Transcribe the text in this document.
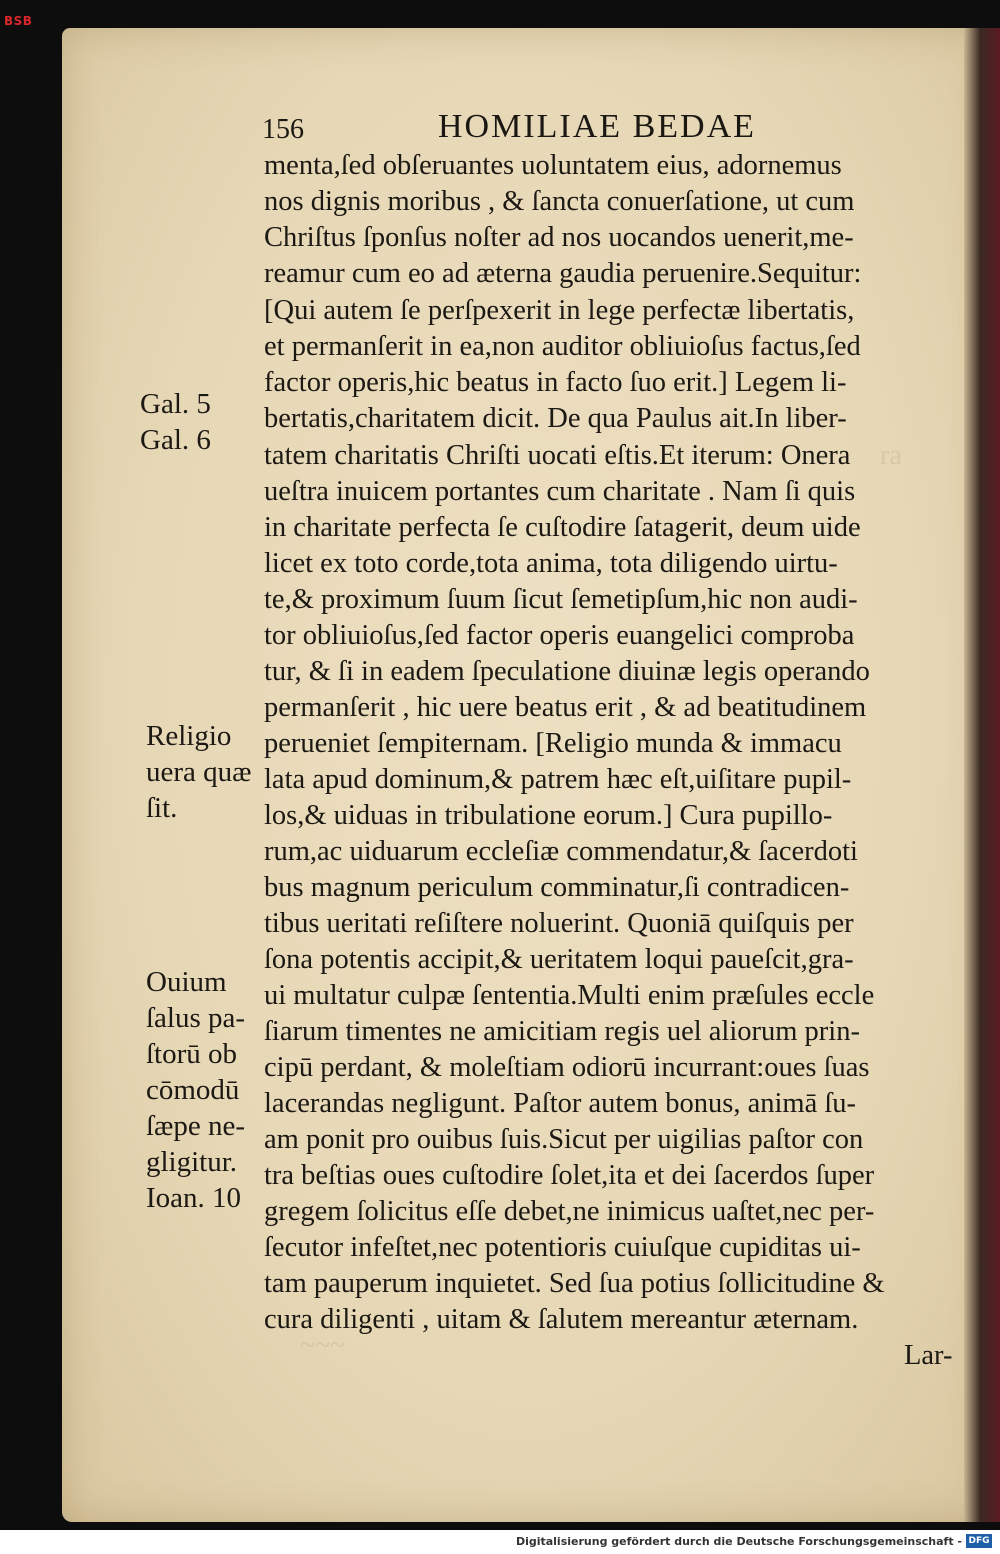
BSB
ra
~~~
156	HOMILIAE BEDAE
menta,ſed obſeruantes uoluntatem eius, adornemus
nos dignis moribus , & ſancta conuerſatione, ut cum
Chriſtus ſponſus noſter ad nos uocandos uenerit,me-
reamur cum eo ad æterna gaudia peruenire.Sequitur:
[Qui autem ſe perſpexerit in lege perfectæ libertatis,
et permanſerit in ea,non auditor obliuioſus factus,ſed
factor operis,hic beatus in facto ſuo erit.] Legem li-
bertatis,charitatem dicit. De qua Paulus ait.In liber-
tatem charitatis Chriſti uocati eſtis.Et iterum: Onera
ueſtra inuicem portantes cum charitate . Nam ſi quis
in charitate perfecta ſe cuſtodire ſatagerit, deum uide
licet ex toto corde,tota anima, tota diligendo uirtu-
te,& proximum ſuum ſicut ſemetipſum,hic non audi-
tor obliuioſus,ſed factor operis euangelici comproba
tur, & ſi in eadem ſpeculatione diuinæ legis operando
permanſerit , hic uere beatus erit , & ad beatitudinem
perueniet ſempiternam. [Religio munda & immacu
lata apud dominum,& patrem hæc eſt,uiſitare pupil-
los,& uiduas in tribulatione eorum.] Cura pupillo-
rum,ac uiduarum eccleſiæ commendatur,& ſacerdoti
bus magnum periculum comminatur,ſi contradicen-
tibus ueritati reſiſtere noluerint. Quoniā quiſquis per
ſona potentis accipit,& ueritatem loqui paueſcit,gra-
ui multatur culpæ ſententia.Multi enim præſules eccle
ſiarum timentes ne amicitiam regis uel aliorum prin-
cipū perdant, & moleſtiam odiorū incurrant:oues ſuas
lacerandas negligunt. Paſtor autem bonus, animā ſu-
am ponit pro ouibus ſuis.Sicut per uigilias paſtor con
tra beſtias oues cuſtodire ſolet,ita et dei ſacerdos ſuper
gregem ſolicitus eſſe debet,ne inimicus uaſtet,nec per-
ſecutor infeſtet,nec potentioris cuiuſque cupiditas ui-
tam pauperum inquietet. Sed ſua potius ſollicitudine &
cura diligenti , uitam & ſalutem mereantur æternam.
Lar-
Gal. 5
Gal. 6
Religio
uera quæ
ſit.
Ouium
ſalus pa-
ſtorū ob
cōmodū
ſæpe ne-
gligitur.
Ioan. 10
Digitalisierung gefördert durch die Deutsche Forschungsgemeinschaft - DFG
